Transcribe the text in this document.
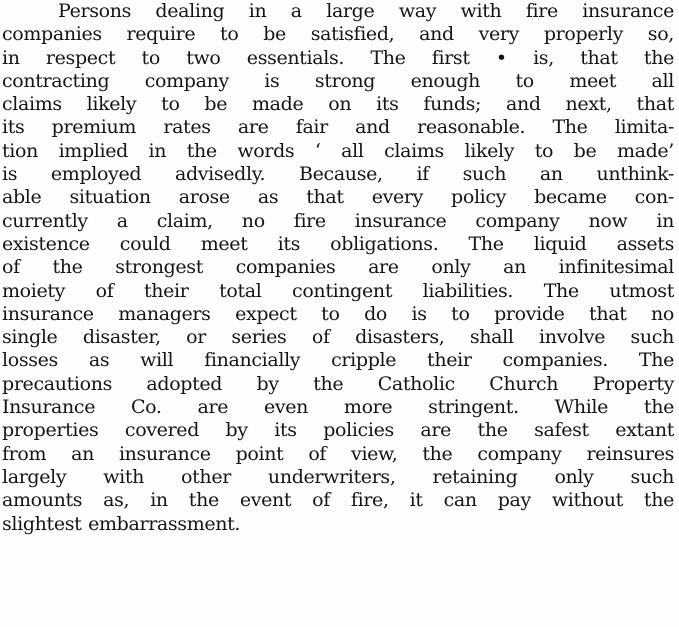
Persons dealing in a large way with fire insurance
companies require to be satisfied, and very properly so,
in respect to two essentials. The first • is, that the
contracting company is strong enough to meet all
claims likely to be made on its funds; and next, that
its premium rates are fair and reasonable. The limita-
tion implied in the words ‘ all claims likely to be made’
is employed advisedly. Because, if such an unthink-
able situation arose as that every policy became con-
currently a claim, no fire insurance company now in
existence could meet its obligations. The liquid assets
of the strongest companies are only an infinitesimal
moiety of their total contingent liabilities. The utmost
insurance managers expect to do is to provide that no
single disaster, or series of disasters, shall involve such
losses as will financially cripple their companies. The
precautions adopted by the Catholic Church Property
Insurance Co. are even more stringent. While the
properties covered by its policies are the safest extant
from an insurance point of view, the company reinsures
largely with other underwriters, retaining only such
amounts as, in the event of fire, it can pay without the
slightest embarrassment.
